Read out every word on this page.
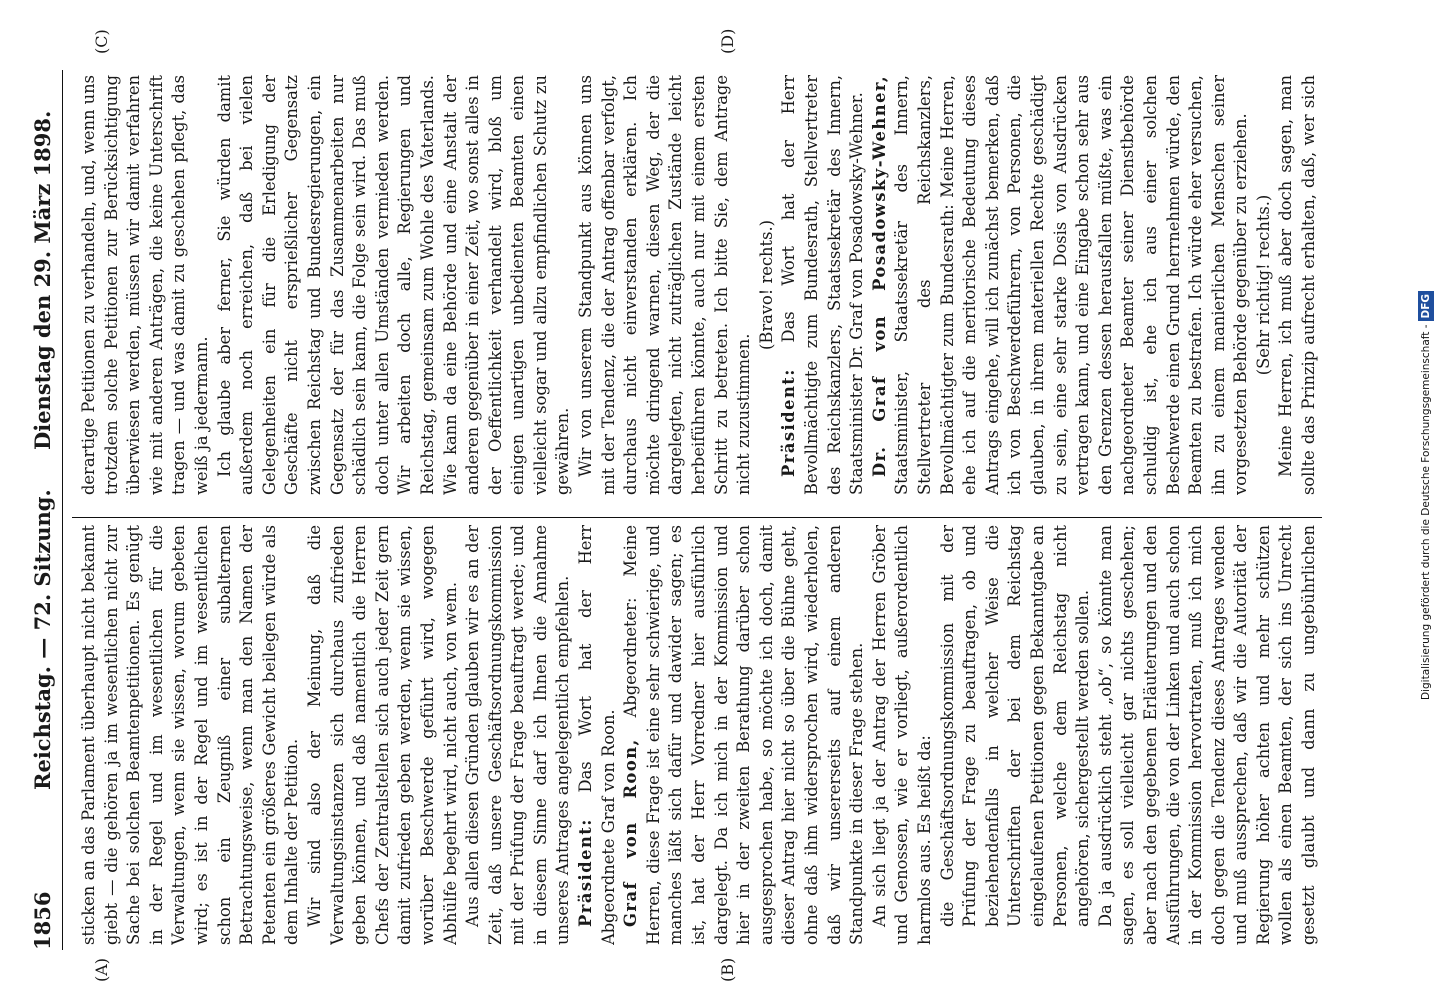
1856
Reichstag. — 72. Sitzung.
Dienstag den 29. März 1898.
(A)	(B)
(C)	(D)

sticken an das Parlament überhaupt nicht bekannt giebt — die gehören ja im wesentlichen nicht zur Sache bei solchen Beamtenpetitionen. Es genügt in der Regel und im wesentlichen für die Verwaltungen, wenn sie wissen, worum gebeten wird; es ist in der Regel und im wesentlichen schon ein Zeugniß einer subalternen Betrachtungsweise, wenn man den Namen der Petenten ein größeres Gewicht beilegen würde als dem Inhalte der Petition. Wir sind also der Meinung, daß die Verwaltungsinstanzen sich durchaus zufrieden geben können, und daß namentlich die Herren Chefs der Zentralstellen sich auch jeder Zeit gern damit zufrieden geben werden, wenn sie wissen, worüber Beschwerde geführt wird, wogegen Abhülfe begehrt wird, nicht auch, von wem. Aus allen diesen Gründen glauben wir es an der Zeit, daß unsere Geschäftsordnungskommission mit der Prüfung der Frage beauftragt werde; und in diesem Sinne darf ich Ihnen die Annahme unseres Antrages angelegentlich empfehlen. Präsident: Das Wort hat der Herr Abgeordnete Graf von Roon. Graf von Roon, Abgeordneter: Meine Herren, diese Frage ist eine sehr schwierige, und manches läßt sich dafür und dawider sagen; es ist, hat der Herr Vorredner hier ausführlich dargelegt. Da ich mich in der Kommission und hier in der zweiten Berathung darüber schon ausgesprochen habe, so möchte ich doch, damit dieser Antrag hier nicht so über die Bühne geht, ohne daß ihm widersprochen wird, wiederholen, daß wir unsererseits auf einem anderen Standpunkte in dieser Frage stehen. An sich liegt ja der Antrag der Herren Gröber und Genossen, wie er vorliegt, außerordentlich harmlos aus. Es heißt da: die Geschäftsordnungskommission mit der Prüfung der Frage zu beauftragen, ob und beziehendenfalls in welcher Weise die Unterschriften der bei dem Reichstag eingelaufenen Petitionen gegen Bekanntgabe an Personen, welche dem Reichstag nicht angehören, sichergestellt werden sollen. Da ja ausdrücklich steht „ob“, so könnte man sagen, es soll vielleicht gar nichts geschehen; aber nach den gegebenen Erläuterungen und den Ausführungen, die von der Linken und auch schon in der Kommission hervortraten, muß ich mich doch gegen die Tendenz dieses Antrages wenden und muß aussprechen, daß wir die Autorität der Regierung höher achten und mehr schützen wollen als einen Beamten, der sich ins Unrecht gesetzt glaubt und dann zu ungebührlichen

derartige Petitionen zu verhandeln, und, wenn uns trotzdem solche Petitionen zur Berücksichtigung überwiesen werden, müssen wir damit verfahren wie mit anderen Anträgen, die keine Unterschrift tragen — und was damit zu geschehen pflegt, das weiß ja jedermann. Ich glaube aber ferner, Sie würden damit außerdem noch erreichen, daß bei vielen Gelegenheiten ein für die Erledigung der Geschäfte nicht ersprießlicher Gegensatz zwischen Reichstag und Bundesregierungen, ein Gegensatz der für das Zusammenarbeiten nur schädlich sein kann, die Folge sein wird. Das muß doch unter allen Umständen vermieden werden. Wir arbeiten doch alle, Regierungen und Reichstag, gemeinsam zum Wohle des Vaterlands. Wie kann da eine Behörde und eine Anstalt der anderen gegenüber in einer Zeit, wo sonst alles in der Oeffentlichkeit verhandelt wird, bloß um einigen unartigen unbedienten Beamten einen vielleicht sogar und allzu empfindlichen Schutz zu gewähren. Wir von unserem Standpunkt aus können uns mit der Tendenz, die der Antrag offenbar verfolgt, durchaus nicht einverstanden erklären. Ich möchte dringend warnen, diesen Weg, der die dargelegten, nicht zuträglichen Zustände leicht herbeiführen könnte, auch nur mit einem ersten Schritt zu betreten. Ich bitte Sie, dem Antrage nicht zuzustimmen.

(Bravo! rechts.)

Präsident: Das Wort hat der Herr Bevollmächtigte zum Bundesrath, Stellvertreter des Reichskanzlers, Staatssekretär des Innern, Staatsminister Dr. Graf von Posadowsky-Wehner. Dr. Graf von Posadowsky-Wehner, Staatsminister, Staatssekretär des Innern, Stellvertreter des Reichskanzlers, Bevollmächtigter zum Bundesrath: Meine Herren, ehe ich auf die meritorische Bedeutung dieses Antrags eingehe, will ich zunächst bemerken, daß ich von Beschwerdeführern, von Personen, die glauben, in ihrem materiellen Rechte geschädigt zu sein, eine sehr starke Dosis von Ausdrücken vertragen kann, und eine Eingabe schon sehr aus den Grenzen dessen herausfallen müßte, was ein nachgeordneter Beamter seiner Dienstbehörde schuldig ist, ehe ich aus einer solchen Beschwerde einen Grund herrnehmen würde, den Beamten zu bestrafen. Ich würde eher versuchen, ihn zu einem manierlichen Menschen seiner vorgesetzten Behörde gegenüber zu erziehen. (Sehr richtig! rechts.)

Meine Herren, ich muß aber doch sagen, man sollte das Prinzip aufrecht erhalten, daß, wer sich

Digitalisierung gefördert durch die Deutsche Forschungsgemeinschaft -DFG
